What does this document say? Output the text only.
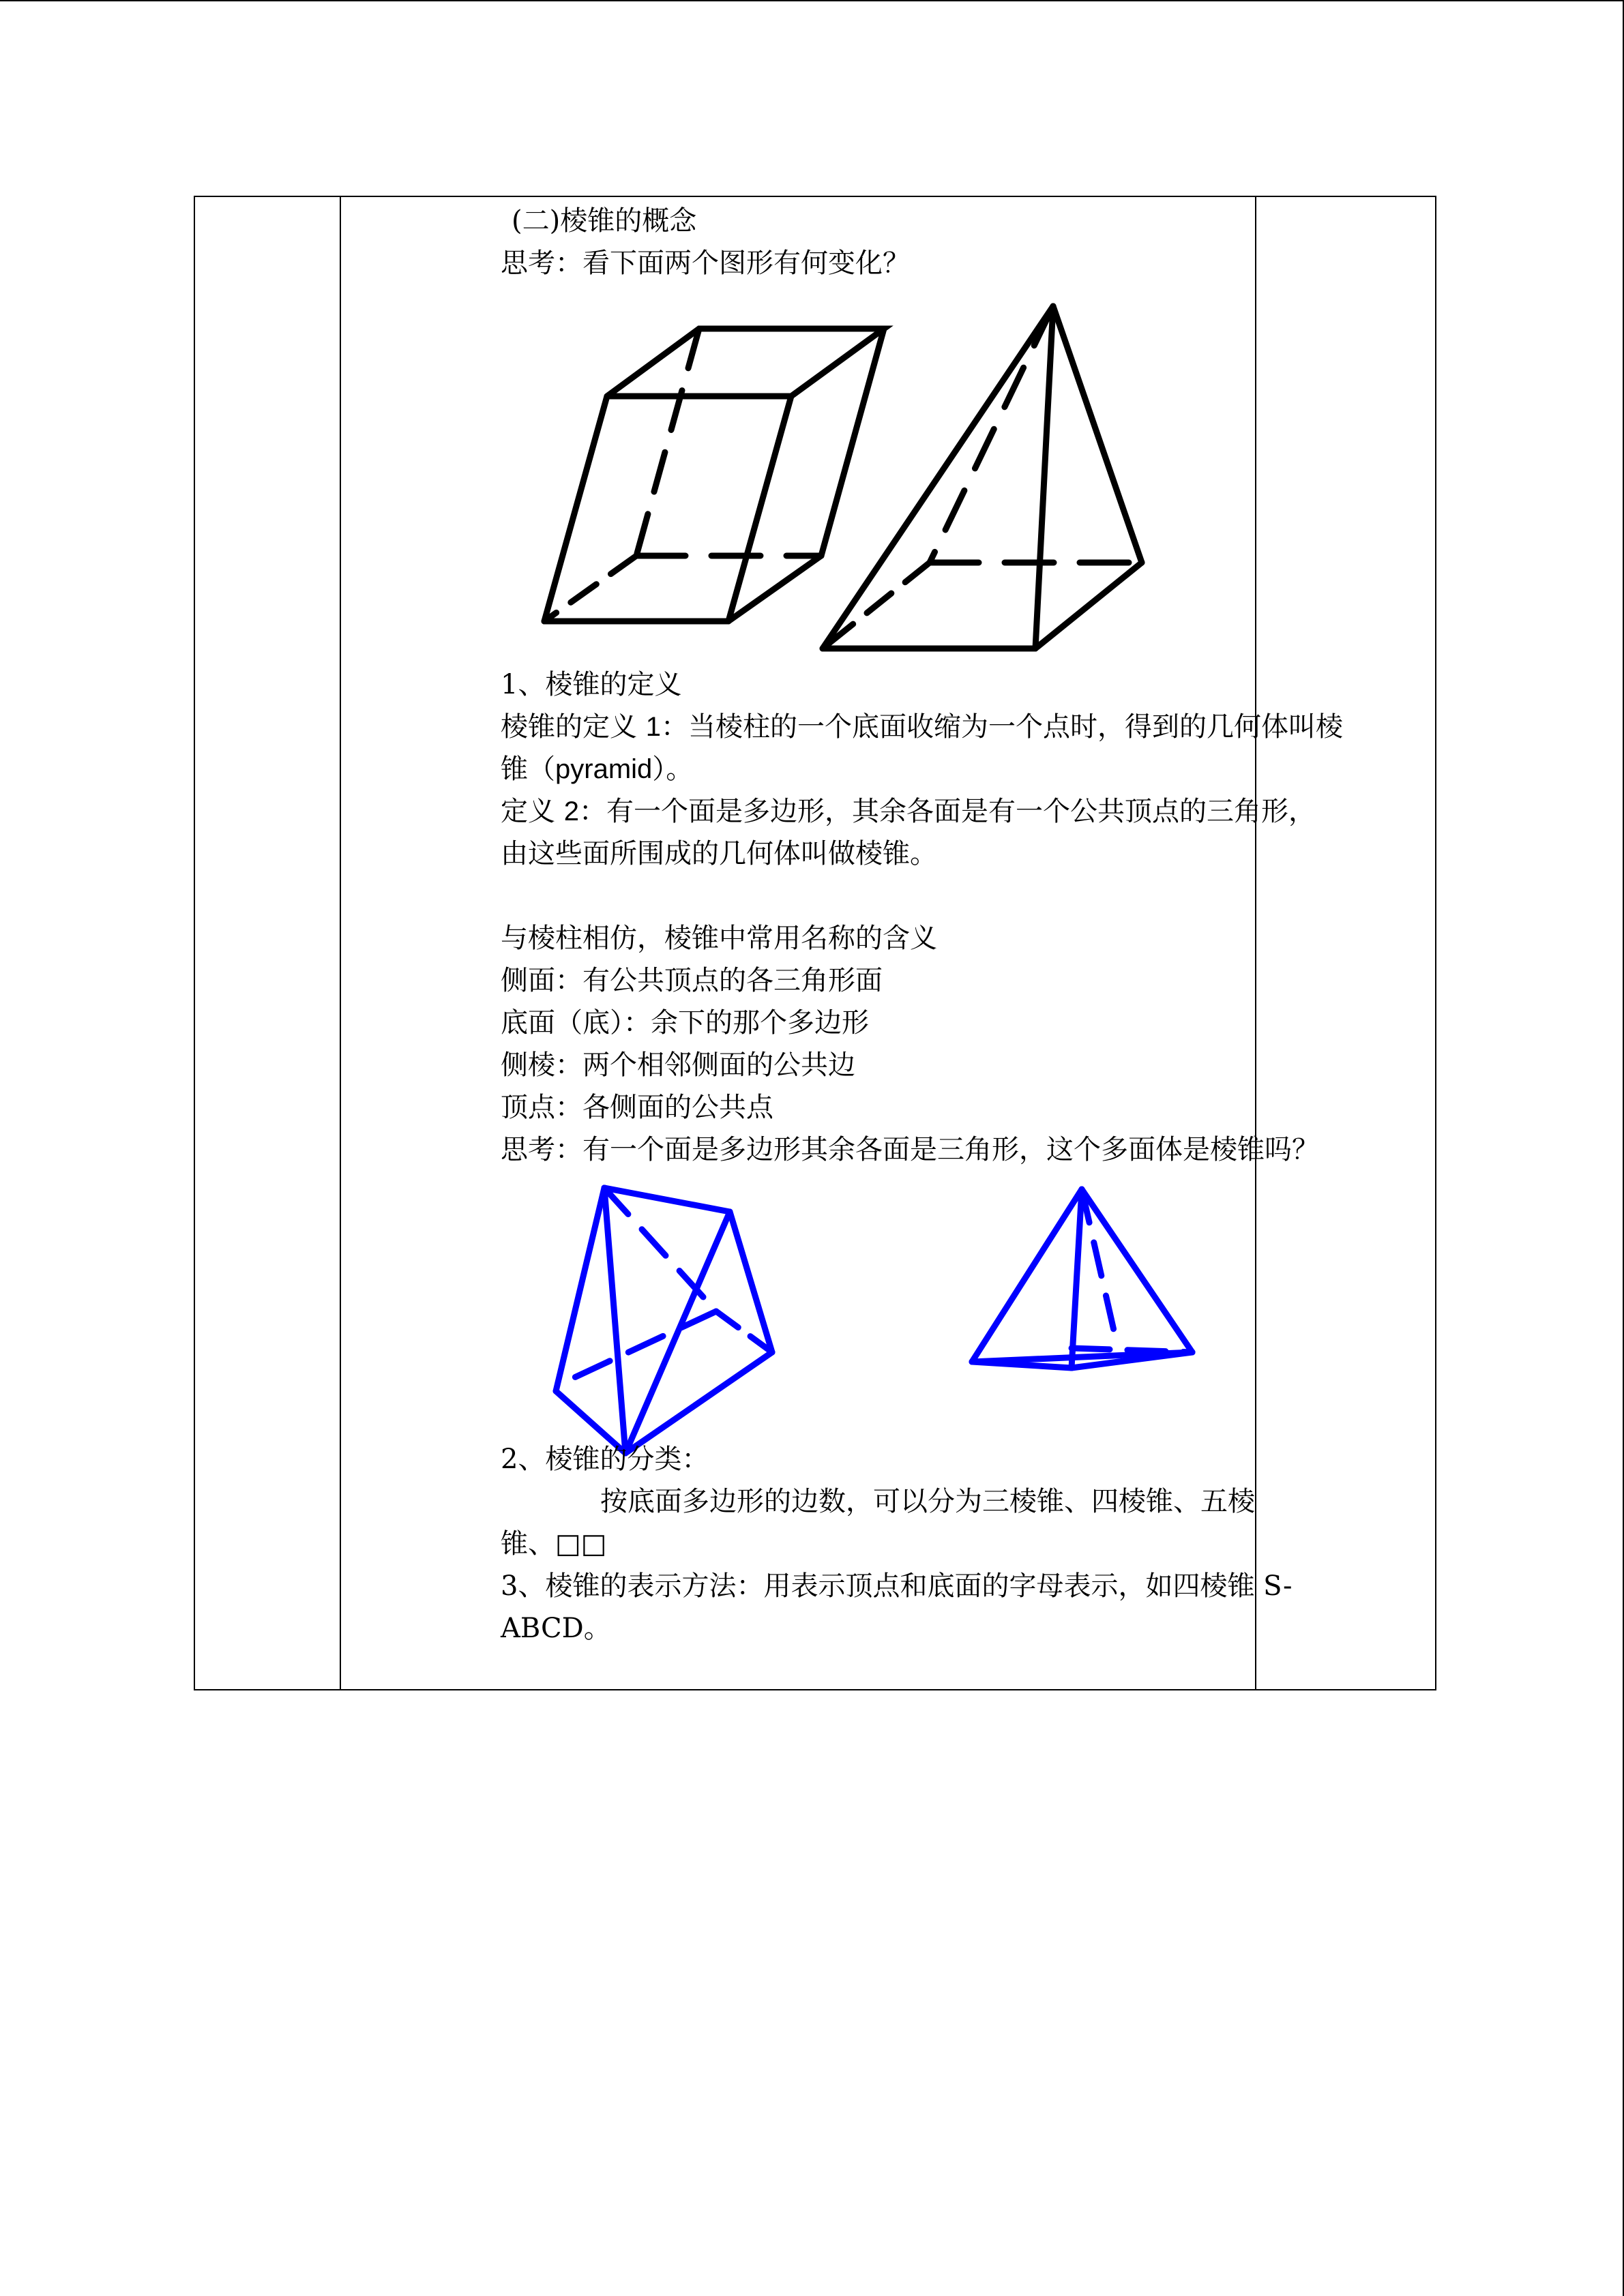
(二)棱锥的概念
思考：看下面两个图形有何变化？
1、棱锥的定义
棱锥的定义 1：当棱柱的一个底面收缩为一个点时，得到的几何体叫棱
锥（pyramid）。
定义 2：有一个面是多边形，其余各面是有一个公共顶点的三角形，
由这些面所围成的几何体叫做棱锥。
与棱柱相仿，棱锥中常用名称的含义
侧面：有公共顶点的各三角形面
底面（底）：余下的那个多边形
侧棱：两个相邻侧面的公共边
顶点：各侧面的公共点
思考：有一个面是多边形其余各面是三角形，这个多面体是棱锥吗？
2、棱锥的分类：
按底面多边形的边数，可以分为三棱锥、四棱锥、五棱
锥、□□
3、棱锥的表示方法：用表示顶点和底面的字母表示，如四棱锥 S-
ABCD。
